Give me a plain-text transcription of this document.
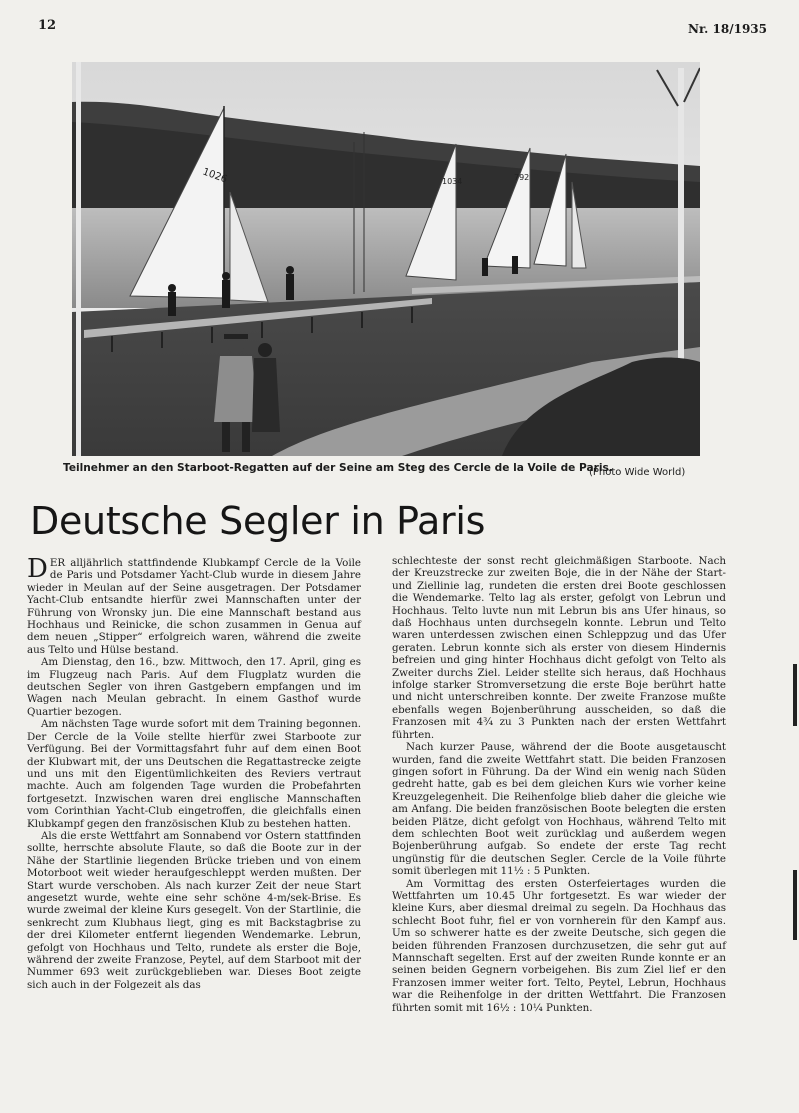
12	Nr. 18/1935
1026	1034	792
Teilnehmer an den Starboot-Regatten auf der Seine am Steg des Cercle de la Voile de Paris.
(Photo Wide World)
Deutsche Segler in Paris

DER alljährlich stattfindende Klubkampf Cercle de la Voile de Paris und Potsdamer Yacht-Club wurde in diesem Jahre wieder in Meulan auf der Seine ausgetragen. Der Potsdamer Yacht-Club entsandte hierfür zwei Mannschaften unter der Führung von Wronsky jun. Die eine Mannschaft bestand aus Hochhaus und Reinicke, die schon zusammen in Genua auf dem neuen „Stipper“ erfolgreich waren, während die zweite aus Telto und Hülse bestand.

Am Dienstag, den 16., bzw. Mittwoch, den 17. April, ging es im Flugzeug nach Paris. Auf dem Flugplatz wurden die deutschen Segler von ihren Gastgebern empfangen und im Wagen nach Meulan gebracht. In einem Gasthof wurde Quartier bezogen.

Am nächsten Tage wurde sofort mit dem Training begonnen. Der Cercle de la Voile stellte hierfür zwei Starboote zur Verfügung. Bei der Vormittagsfahrt fuhr auf dem einen Boot der Klubwart mit, der uns Deutschen die Regattastrecke zeigte und uns mit den Eigentümlichkeiten des Reviers vertraut machte. Auch am folgenden Tage wurden die Probefahrten fortgesetzt. Inzwischen waren drei englische Mannschaften vom Corinthian Yacht-Club eingetroffen, die gleichfalls einen Klubkampf gegen den französischen Klub zu bestehen hatten.

Als die erste Wettfahrt am Sonnabend vor Ostern stattfinden sollte, herrschte absolute Flaute, so daß die Boote zur in der Nähe der Startlinie liegenden Brücke trieben und von einem Motorboot weit wieder heraufgeschleppt werden mußten. Der Start wurde verschoben. Als nach kurzer Zeit der neue Start angesetzt wurde, wehte eine sehr schöne 4-m/sek-Brise. Es wurde zweimal der kleine Kurs gesegelt. Von der Startlinie, die senkrecht zum Klubhaus liegt, ging es mit Backstagbrise zu der drei Kilometer entfernt liegenden Wendemarke. Lebrun, gefolgt von Hochhaus und Telto, rundete als erster die Boje, während der zweite Franzose, Peytel, auf dem Starboot mit der Nummer 693 weit zurückgeblieben war. Dieses Boot zeigte sich auch in der Folgezeit als das

schlechteste der sonst recht gleichmäßigen Starboote. Nach der Kreuzstrecke zur zweiten Boje, die in der Nähe der Start- und Ziellinie lag, rundeten die ersten drei Boote geschlossen die Wendemarke. Telto lag als erster, gefolgt von Lebrun und Hochhaus. Telto luvte nun mit Lebrun bis ans Ufer hinaus, so daß Hochhaus unten durchsegeln konnte. Lebrun und Telto waren unterdessen zwischen einen Schleppzug und das Ufer geraten. Lebrun konnte sich als erster von diesem Hindernis befreien und ging hinter Hochhaus dicht gefolgt von Telto als Zweiter durchs Ziel. Leider stellte sich heraus, daß Hochhaus infolge starker Stromversetzung die erste Boje berührt hatte und nicht unterschreiben konnte. Der zweite Franzose mußte ebenfalls wegen Bojenberührung ausscheiden, so daß die Franzosen mit 4¾ zu 3 Punkten nach der ersten Wettfahrt führten.

Nach kurzer Pause, während der die Boote ausgetauscht wurden, fand die zweite Wettfahrt statt. Die beiden Franzosen gingen sofort in Führung. Da der Wind ein wenig nach Süden gedreht hatte, gab es bei dem gleichen Kurs wie vorher keine Kreuzgelegenheit. Die Reihenfolge blieb daher die gleiche wie am Anfang. Die beiden französischen Boote belegten die ersten beiden Plätze, dicht gefolgt von Hochhaus, während Telto mit dem schlechten Boot weit zurücklag und außerdem wegen Bojenberührung aufgab. So endete der erste Tag recht ungünstig für die deutschen Segler. Cercle de la Voile führte somit überlegen mit 11½ : 5 Punkten.

Am Vormittag des ersten Osterfeiertages wurden die Wettfahrten um 10.45 Uhr fortgesetzt. Es war wieder der kleine Kurs, aber diesmal dreimal zu segeln. Da Hochhaus das schlecht Boot fuhr, fiel er von vornherein für den Kampf aus. Um so schwerer hatte es der zweite Deutsche, sich gegen die beiden führenden Franzosen durchzusetzen, die sehr gut auf Mannschaft segelten. Erst auf der zweiten Runde konnte er an seinen beiden Gegnern vorbeigehen. Bis zum Ziel lief er den Franzosen immer weiter fort. Telto, Peytel, Lebrun, Hochhaus war die Reihenfolge in der dritten Wettfahrt. Die Franzosen führten somit mit 16½ : 10¼ Punkten.
